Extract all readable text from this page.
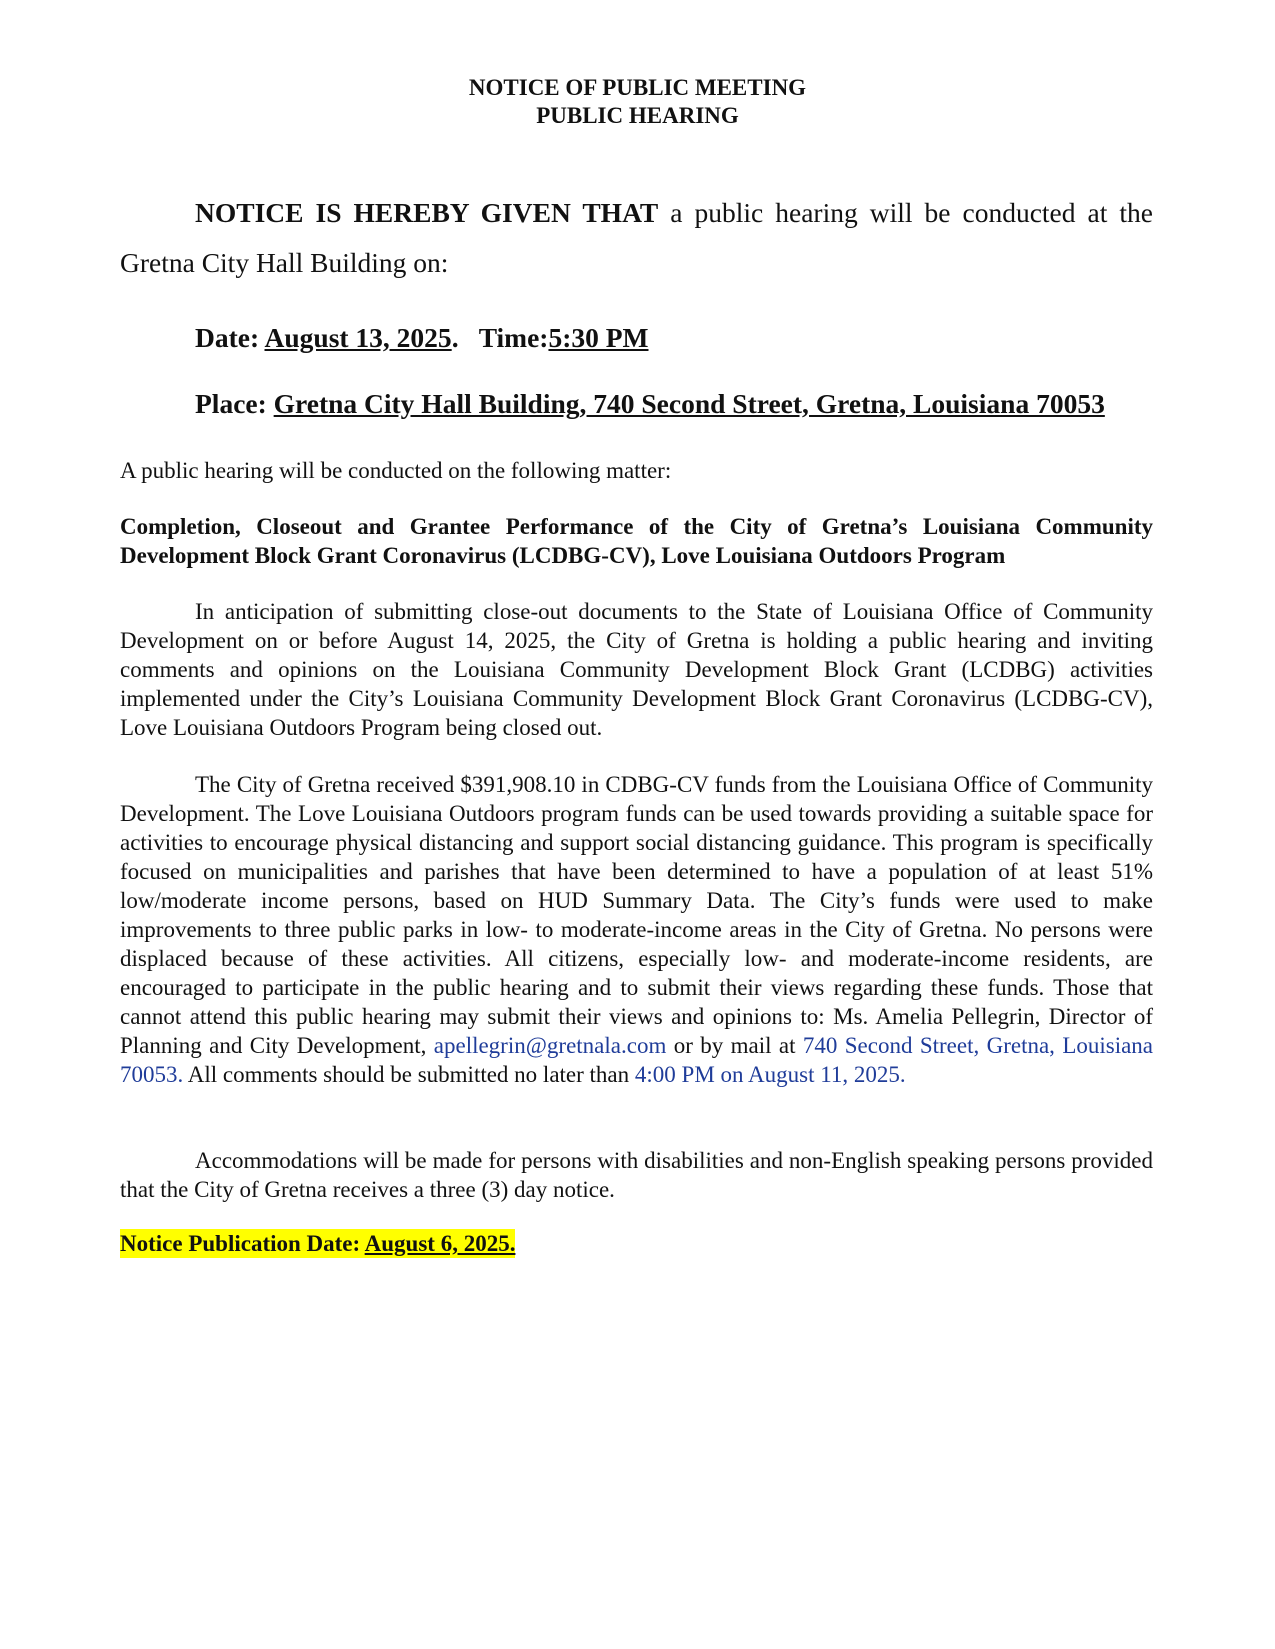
NOTICE OF PUBLIC MEETING
PUBLIC HEARING

NOTICE IS HEREBY GIVEN THAT a public hearing will be conducted at the Gretna City Hall Building on:

Date: August 13, 2025.   Time:5:30 PM
Place: Gretna City Hall Building, 740 Second Street, Gretna, Louisiana 70053

A public hearing will be conducted on the following matter:

Completion, Closeout and Grantee Performance of the City of Gretna’s Louisiana Community Development Block Grant Coronavirus (LCDBG-CV), Love Louisiana Outdoors Program

In anticipation of submitting close-out documents to the State of Louisiana Office of Community Development on or before August 14, 2025, the City of Gretna is holding a public hearing and inviting comments and opinions on the Louisiana Community Development Block Grant (LCDBG) activities implemented under the City’s Louisiana Community Development Block Grant Coronavirus (LCDBG-CV), Love Louisiana Outdoors Program being closed out.

The City of Gretna received $391,908.10 in CDBG-CV funds from the Louisiana Office of Community Development. The Love Louisiana Outdoors program funds can be used towards providing a suitable space for activities to encourage physical distancing and support social distancing guidance. This program is specifically focused on municipalities and parishes that have been determined to have a population of at least 51% low/moderate income persons, based on HUD Summary Data. The City’s funds were used to make improvements to three public parks in low- to moderate-income areas in the City of Gretna. No persons were displaced because of these activities. All citizens, especially low- and moderate-income residents, are encouraged to participate in the public hearing and to submit their views regarding these funds. Those that cannot attend this public hearing may submit their views and opinions to: Ms. Amelia Pellegrin, Director of Planning and City Development, apellegrin@gretnala.com or by mail at 740 Second Street, Gretna, Louisiana 70053. All comments should be submitted no later than 4:00 PM on August 11, 2025.

Accommodations will be made for persons with disabilities and non-English speaking persons provided that the City of Gretna receives a three (3) day notice.

Notice Publication Date: August 6, 2025.
